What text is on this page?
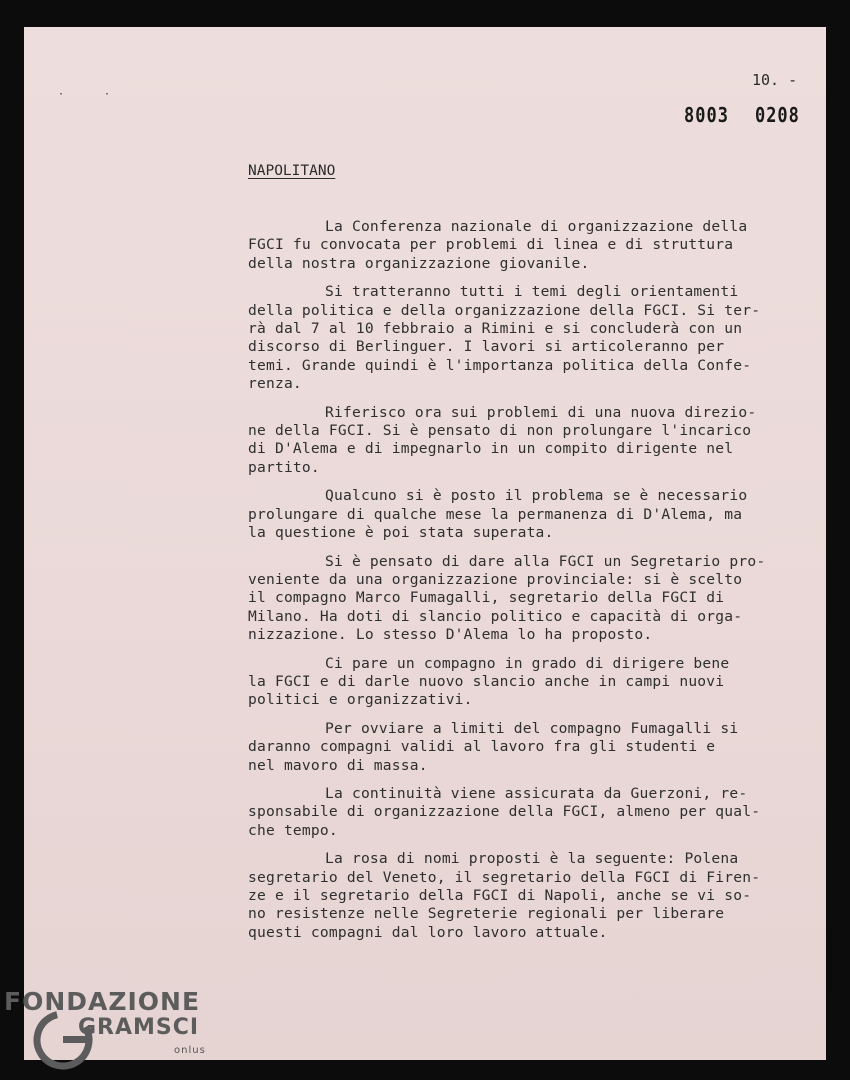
··
10. -
8003 0208
NAPOLITANO
La Conferenza nazionale di organizzazione della
FGCI fu convocata per problemi di linea e di struttura
della nostra organizzazione giovanile.
Si tratteranno tutti i temi degli orientamenti
della politica e della organizzazione della FGCI. Si ter-
rà dal 7 al 10 febbraio a Rimini e si concluderà con un
discorso di Berlinguer. I lavori si articoleranno per
temi. Grande quindi è l'importanza politica della Confe-
renza.
Riferisco ora sui problemi di una nuova direzio-
ne della FGCI. Si è pensato di non prolungare l'incarico
di D'Alema e di impegnarlo in un compito dirigente nel
partito.
Qualcuno si è posto il problema se è necessario
prolungare di qualche mese la permanenza di D'Alema, ma
la questione è poi stata superata.
Si è pensato di dare alla FGCI un Segretario pro-
veniente da una organizzazione provinciale: si è scelto
il compagno Marco Fumagalli, segretario della FGCI di
Milano. Ha doti di slancio politico e capacità di orga-
nizzazione. Lo stesso D'Alema lo ha proposto.
Ci pare un compagno in grado di dirigere bene
la FGCI e di darle nuovo slancio anche in campi nuovi
politici e organizzativi.
Per ovviare a limiti del compagno Fumagalli si
daranno compagni validi al lavoro fra gli studenti e
nel mavoro di massa.
La continuità viene assicurata da Guerzoni, re-
sponsabile di organizzazione della FGCI, almeno per qual-
che tempo.
La rosa di nomi proposti è la seguente: Polena
segretario del Veneto, il segretario della FGCI di Firen-
ze e il segretario della FGCI di Napoli, anche se vi so-
no resistenze nelle Segreterie regionali per liberare
questi compagni dal loro lavoro attuale.
FONDAZIONE
GRAMSCI
onlus
